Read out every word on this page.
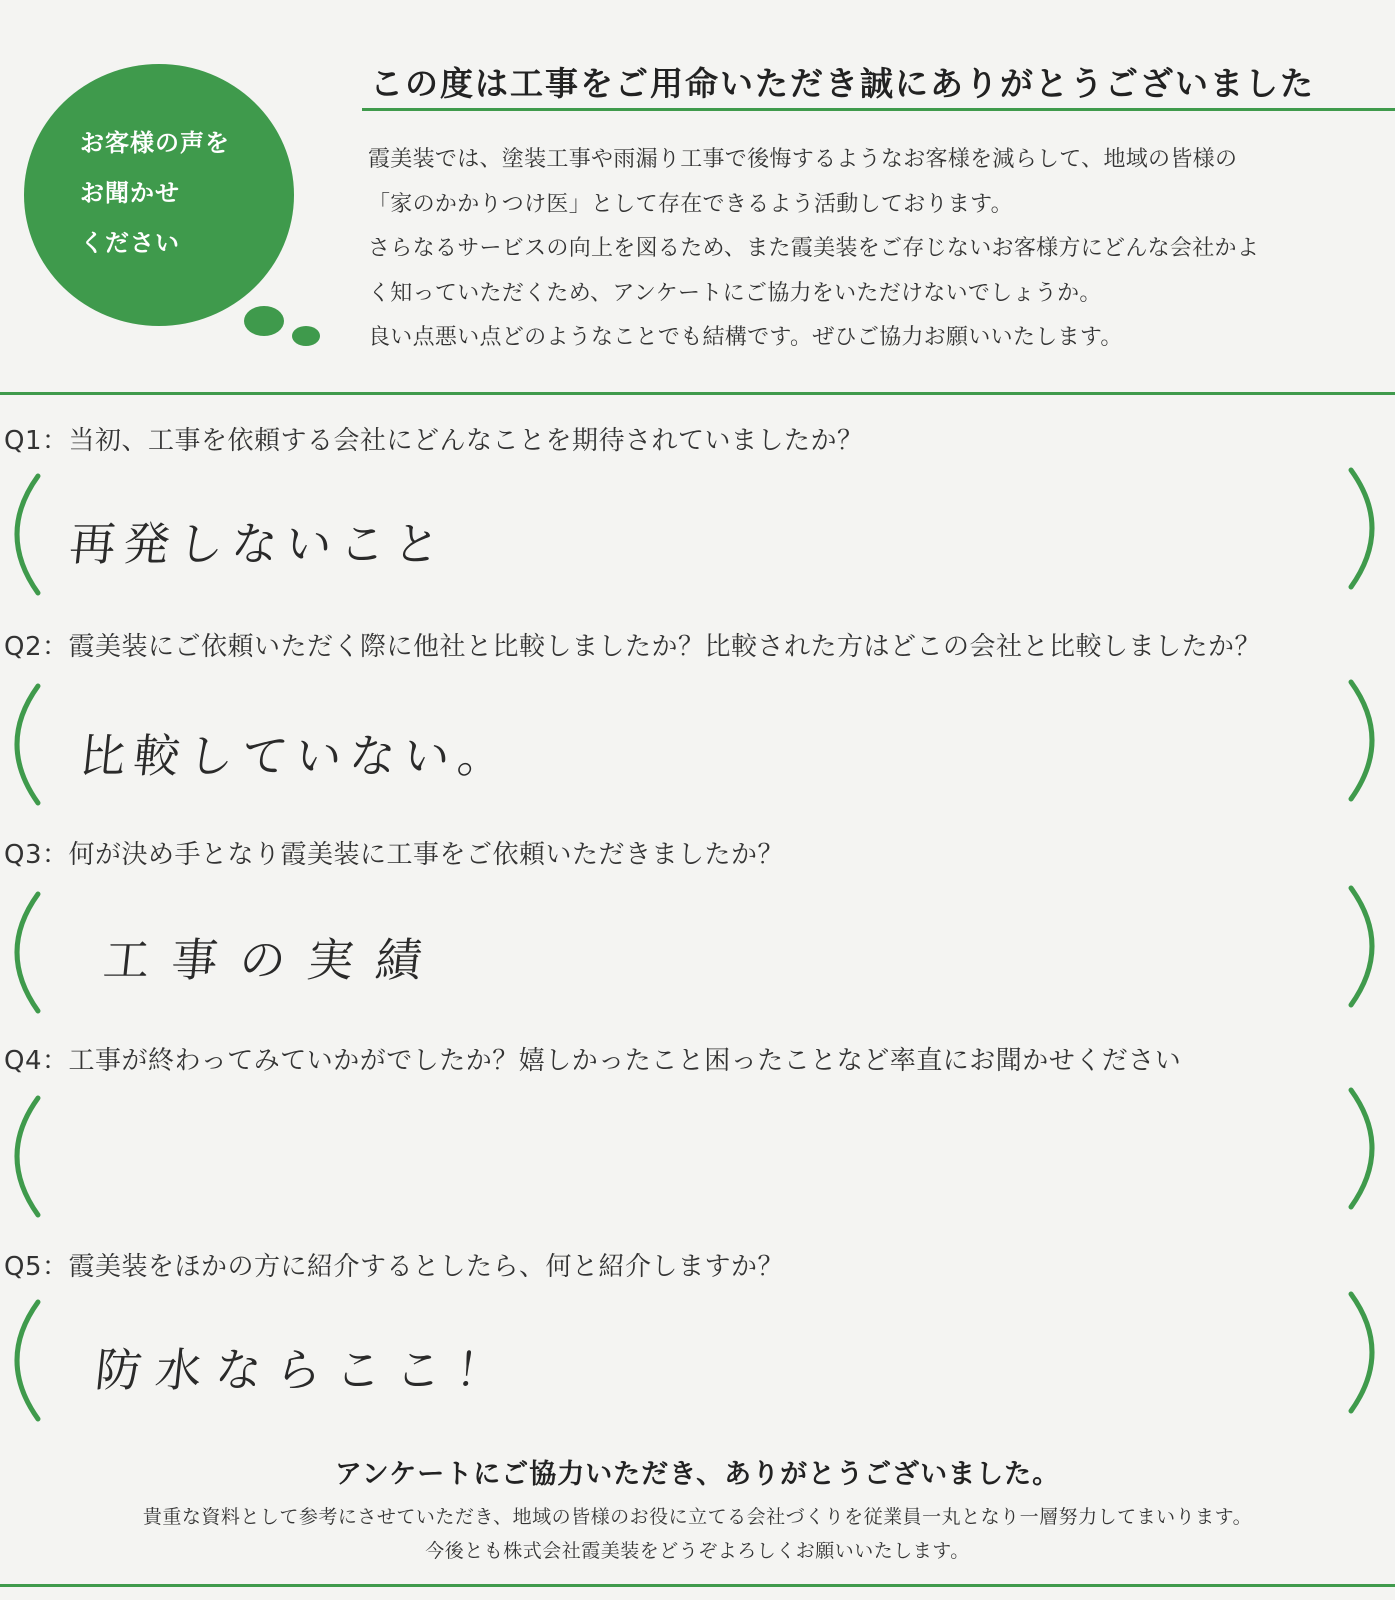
お客様の声を
お聞かせ
ください
この度は工事をご用命いただき誠にありがとうございました
霞美装では、塗装工事や雨漏り工事で後悔するようなお客様を減らして、地域の皆様の
「家のかかりつけ医」として存在できるよう活動しております。
さらなるサービスの向上を図るため、また霞美装をご存じないお客様方にどんな会社かよ
く知っていただくため、アンケートにご協力をいただけないでしょうか。
良い点悪い点どのようなことでも結構です。ぜひご協力お願いいたします。
Q1：当初、工事を依頼する会社にどんなことを期待されていましたか？
再発しないこと
Q2：霞美装にご依頼いただく際に他社と比較しましたか？比較された方はどこの会社と比較しましたか？
比較していない。
Q3：何が決め手となり霞美装に工事をご依頼いただきましたか？
工事の実績
Q4：工事が終わってみていかがでしたか？嬉しかったこと困ったことなど率直にお聞かせください
Q5：霞美装をほかの方に紹介するとしたら、何と紹介しますか？
防水ならここ！
アンケートにご協力いただき、ありがとうございました。
貴重な資料として参考にさせていただき、地域の皆様のお役に立てる会社づくりを従業員一丸となり一層努力してまいります。
今後とも株式会社霞美装をどうぞよろしくお願いいたします。
